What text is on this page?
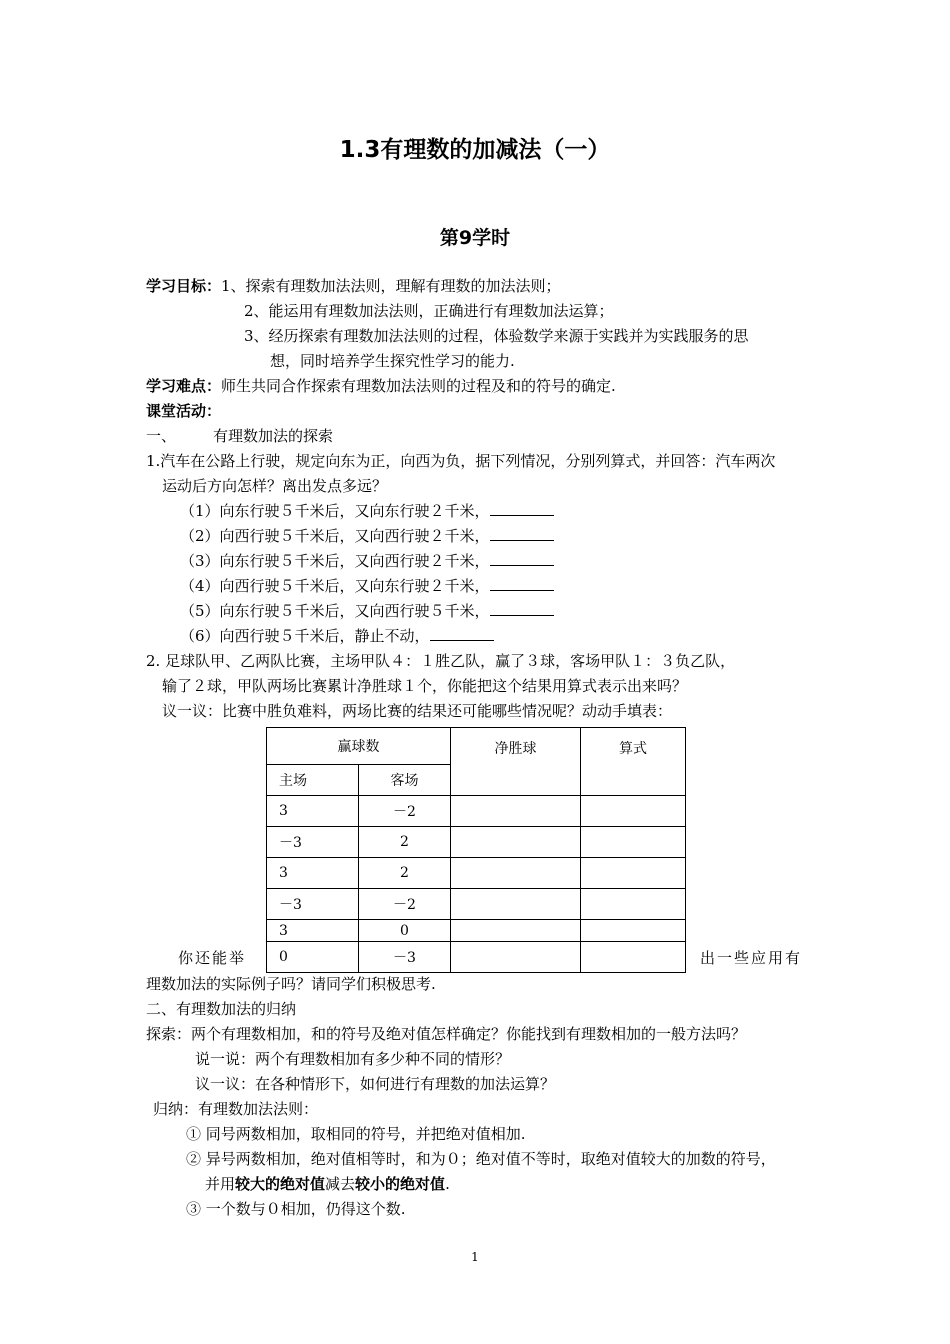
1.3有理数的加减法（一）
第9学时
学习目标：1、探索有理数加法法则，理解有理数的加法法则；
2、能运用有理数加法法则，正确进行有理数加法运算；
3、经历探索有理数加法法则的过程，体验数学来源于实践并为实践服务的思
想，同时培养学生探究性学习的能力.
学习难点：师生共同合作探索有理数加法法则的过程及和的符号的确定.
课堂活动：
一、 有理数加法的探索
1.汽车在公路上行驶，规定向东为正，向西为负，据下列情况，分别列算式，并回答：汽车两次
运动后方向怎样？离出发点多远？
（1）向东行驶５千米后，又向东行驶２千米，
（2）向西行驶５千米后，又向西行驶２千米，
（3）向东行驶５千米后，又向西行驶２千米，
（4）向西行驶５千米后，又向东行驶２千米，
（5）向东行驶５千米后，又向西行驶５千米，
（6）向西行驶５千米后，静止不动，
2. 足球队甲、乙两队比赛，主场甲队４：１胜乙队，赢了３球，客场甲队１：３负乙队，
输了２球，甲队两场比赛累计净胜球１个，你能把这个结果用算式表示出来吗？
议一议：比赛中胜负难料，两场比赛的结果还可能哪些情况呢？动动手填表：
赢球数		净胜球	算式
主场	客场		
3	－2		
－3	2		
3	2		
－3	－2		
3	0		
0	－3		
你还能举	出一些应用有
理数加法的实际例子吗？请同学们积极思考.
二、有理数加法的归纳
探索：两个有理数相加，和的符号及绝对值怎样确定？你能找到有理数相加的一般方法吗？
说一说：两个有理数相加有多少种不同的情形？
议一议：在各种情形下，如何进行有理数的加法运算？
归纳：有理数加法法则：
① 同号两数相加，取相同的符号，并把绝对值相加.
② 异号两数相加，绝对值相等时，和为０；绝对值不等时，取绝对值较大的加数的符号，
并用较大的绝对值减去较小的绝对值.
③ 一个数与０相加，仍得这个数.
1
